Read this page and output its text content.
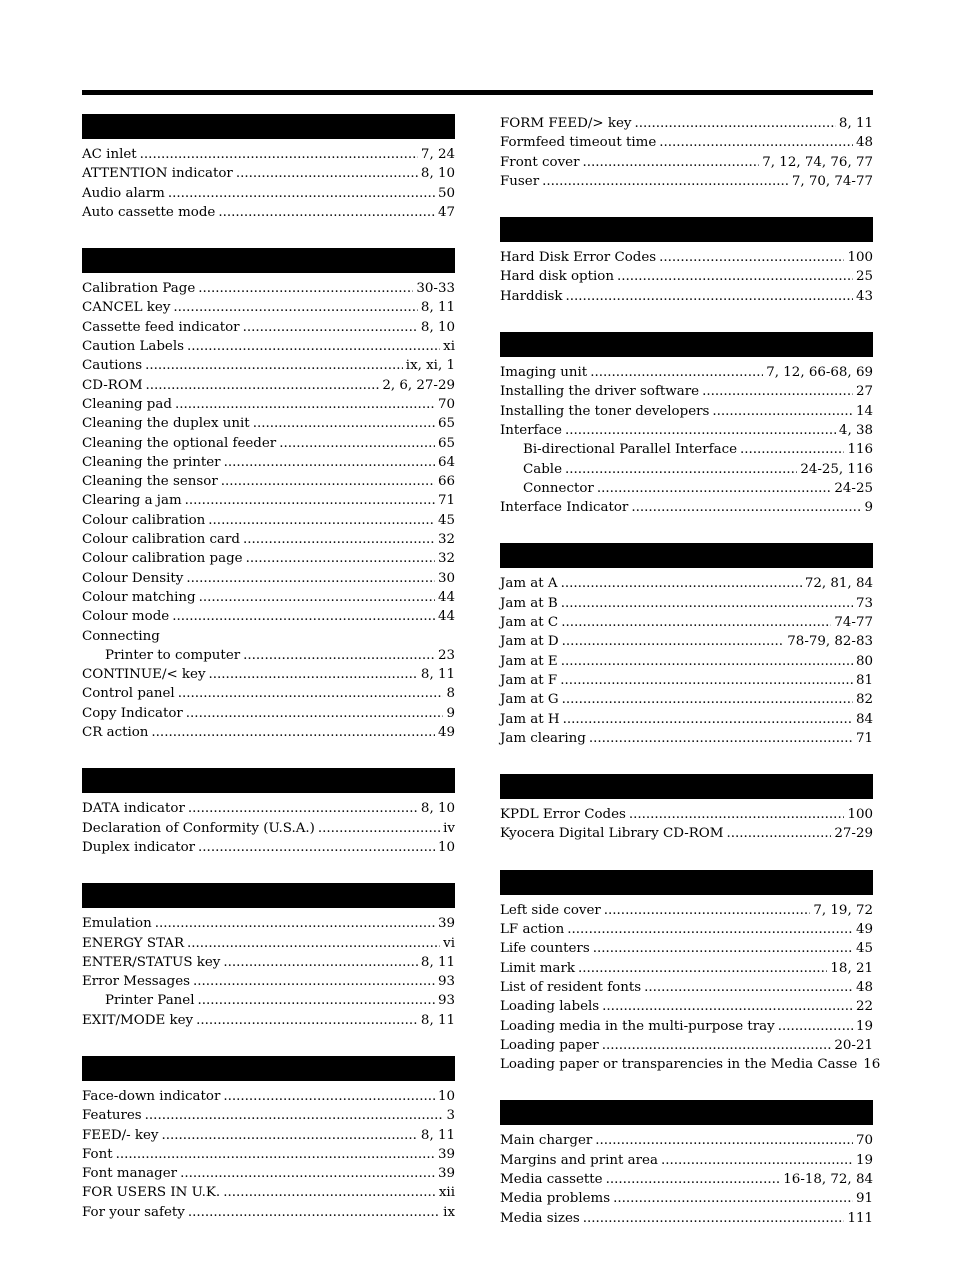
AC inlet .....	7, 24
ATTENTION indicator .....	8, 10
Audio alarm .....	50
Auto cassette mode .....	47
Calibration Page .....	30-33
CANCEL key .....	8, 11
Cassette feed indicator .....	8, 10
Caution Labels .....	xi
Cautions .....	ix, xi, 1
CD-ROM .....	2, 6, 27-29
Cleaning pad .....	70
Cleaning the duplex unit .....	65
Cleaning the optional feeder .....	65
Cleaning the printer .....	64
Cleaning the sensor .....	66
Clearing a jam .....	71
Colour calibration .....	45
Colour calibration card .....	32
Colour calibration page .....	32
Colour Density .....	30
Colour matching .....	44
Colour mode .....	44
Connecting
Printer to computer .....	23
CONTINUE/< key .....	8, 11
Control panel .....	8
Copy Indicator .....	9
CR action .....	49
DATA indicator .....	8, 10
Declaration of Conformity (U.S.A.) .....	iv
Duplex indicator .....	10
Emulation .....	39
ENERGY STAR .....	vi
ENTER/STATUS key .....	8, 11
Error Messages .....	93
Printer Panel .....	93
EXIT/MODE key .....	8, 11
Face-down indicator .....	10
Features .....	3
FEED/- key .....	8, 11
Font .....	39
Font manager .....	39
FOR USERS IN U.K. .....	xii
For your safety .....	ix
FORM FEED/> key .....	8, 11
Formfeed timeout time .....	48
Front cover .....	7, 12, 74, 76, 77
Fuser .....	7, 70, 74-77
Hard Disk Error Codes .....	100
Hard disk option .....	25
Harddisk .....	43
Imaging unit .....	7, 12, 66-68, 69
Installing the driver software .....	27
Installing the toner developers .....	14
Interface .....	4, 38
Bi-directional Parallel Interface .....	116
Cable .....	24-25, 116
Connector .....	24-25
Interface Indicator .....	9
Jam at A .....	72, 81, 84
Jam at B .....	73
Jam at C .....	74-77
Jam at D .....	78-79, 82-83
Jam at E .....	80
Jam at F .....	81
Jam at G .....	82
Jam at H .....	84
Jam clearing .....	71
KPDL Error Codes .....	100
Kyocera Digital Library CD-ROM .....	27-29
Left side cover .....	7, 19, 72
LF action .....	49
Life counters .....	45
Limit mark .....	18, 21
List of resident fonts .....	48
Loading labels .....	22
Loading media in the multi-purpose tray .....	19
Loading paper .....	20-21
Loading paper or transparencies in the Media Casse 16
Main charger .....	70
Margins and print area .....	19
Media cassette .....	16-18, 72, 84
Media problems .....	91
Media sizes .....	111
